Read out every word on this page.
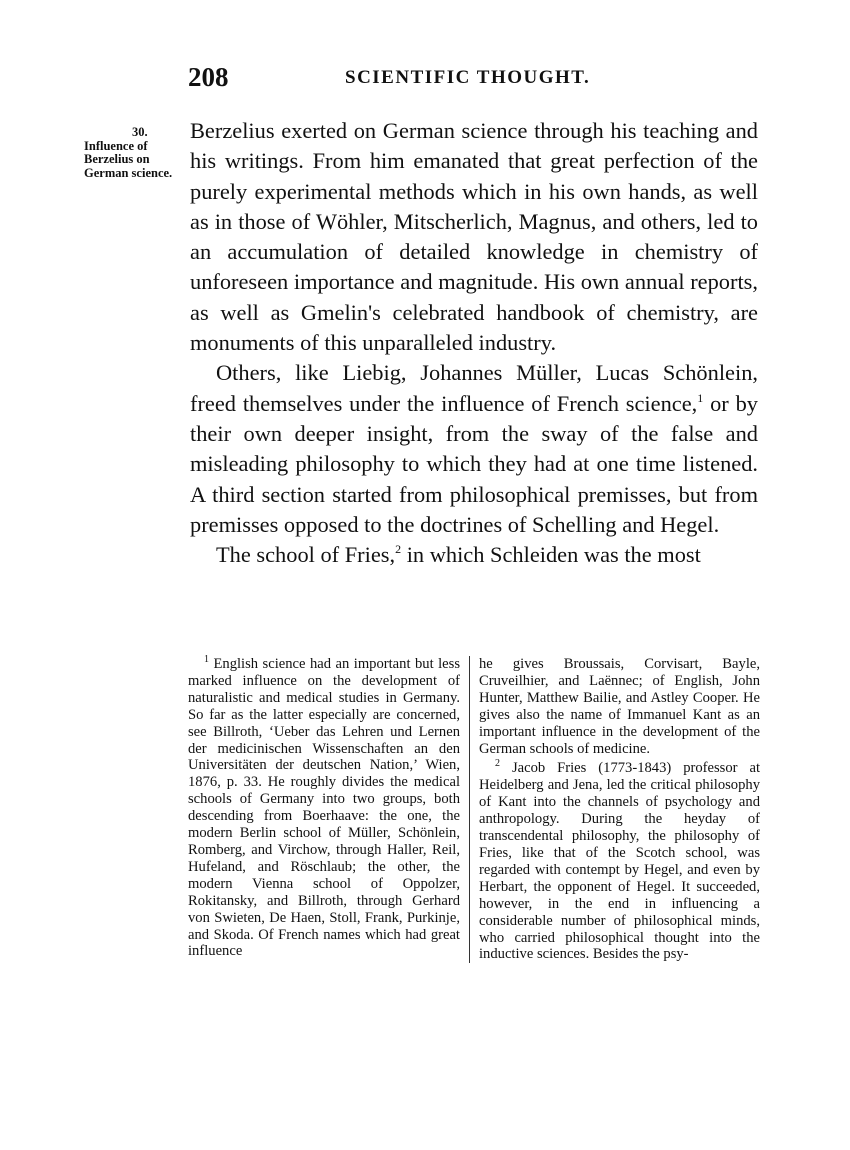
208	SCIENTIFIC THOUGHT.
30.
Influence of Berzelius on German science.

Berzelius exerted on German science through his teaching and his writings. From him emanated that great perfection of the purely experimental methods which in his own hands, as well as in those of Wöhler, Mitscherlich, Magnus, and others, led to an accumulation of detailed knowledge in chemistry of unforeseen importance and magnitude. His own annual reports, as well as Gmelin's celebrated handbook of chemistry, are monuments of this unparalleled industry.

Others, like Liebig, Johannes Müller, Lucas Schönlein, freed themselves under the influence of French science,$^1$ or by their own deeper insight, from the sway of the false and misleading philosophy to which they had at one time listened. A third section started from philosophical premisses, but from premisses opposed to the doctrines of Schelling and Hegel.

The school of Fries,$^2$ in which Schleiden was the most

$^1$ English science had an important but less marked influence on the development of naturalistic and medical studies in Germany. So far as the latter especially are concerned, see Billroth, ‘Ueber das Lehren und Lernen der medicinischen Wissenschaften an den Universitäten der deutschen Nation,’ Wien, 1876, p. 33. He roughly divides the medical schools of Germany into two groups, both descending from Boerhaave: the one, the modern Berlin school of Müller, Schönlein, Romberg, and Virchow, through Haller, Reil, Hufeland, and Röschlaub; the other, the modern Vienna school of Oppolzer, Rokitansky, and Billroth, through Gerhard von Swieten, De Haen, Stoll, Frank, Purkinje, and Skoda. Of French names which had great influence

he gives Broussais, Corvisart, Bayle, Cruveilhier, and Laënnec; of English, John Hunter, Matthew Bailie, and Astley Cooper. He gives also the name of Immanuel Kant as an important influence in the development of the German schools of medicine.

$^2$ Jacob Fries (1773-1843) professor at Heidelberg and Jena, led the critical philosophy of Kant into the channels of psychology and anthropology. During the heyday of transcendental philosophy, the philosophy of Fries, like that of the Scotch school, was regarded with contempt by Hegel, and even by Herbart, the opponent of Hegel. It succeeded, however, in the end in influencing a considerable number of philosophical minds, who carried philosophical thought into the inductive sciences. Besides the psy-
